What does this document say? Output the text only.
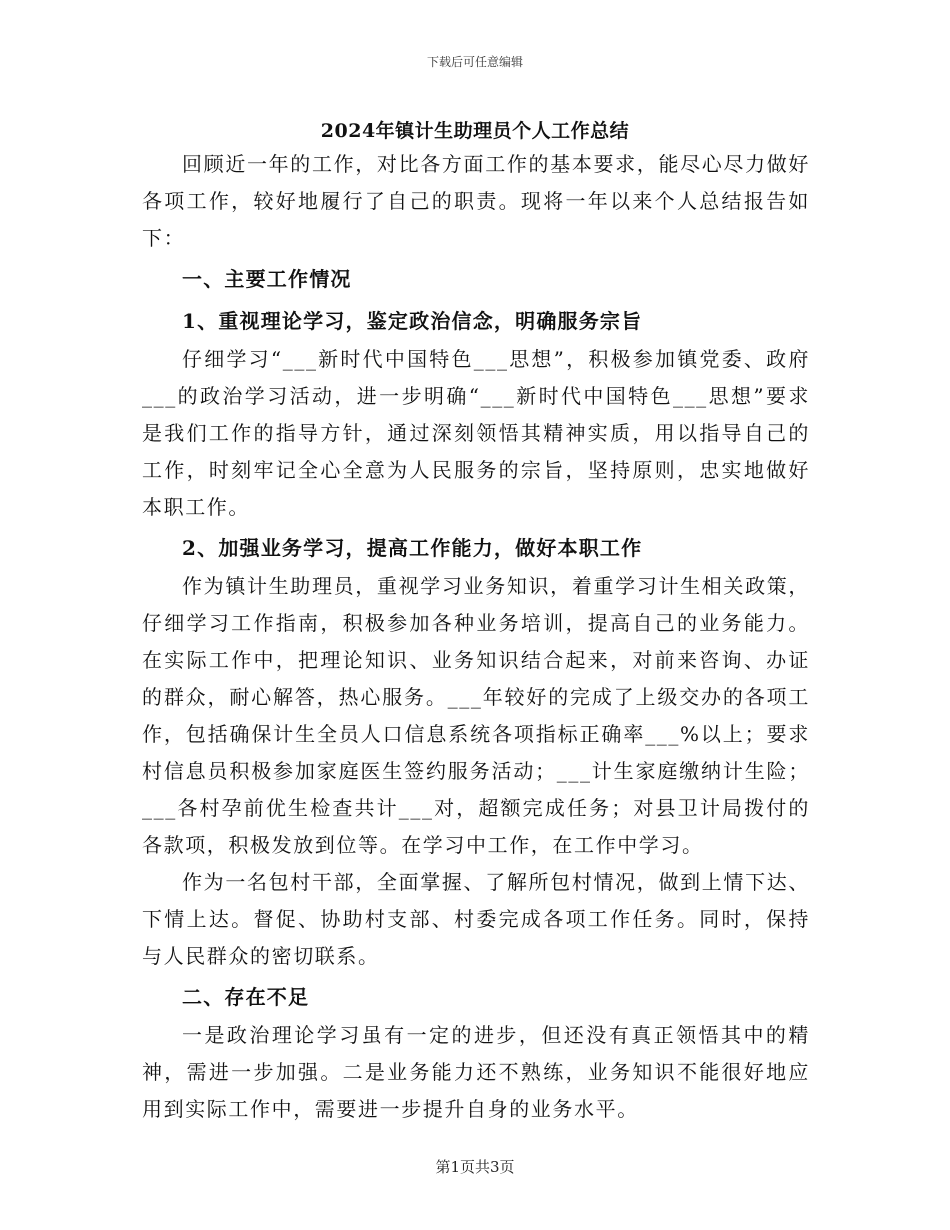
下载后可任意编辑
2024年镇计生助理员个人工作总结

回顾近一年的工作，对比各方面工作的基本要求，能尽心尽力做好各项工作，较好地履行了自己的职责。现将一年以来个人总结报告如下：

一、主要工作情况
1、重视理论学习，鉴定政治信念，明确服务宗旨

仔细学习“___新时代中国特色___思想”，积极参加镇党委、政府___的政治学习活动，进一步明确“___新时代中国特色___思想”要求是我们工作的指导方针，通过深刻领悟其精神实质，用以指导自己的工作，时刻牢记全心全意为人民服务的宗旨，坚持原则，忠实地做好本职工作。

2、加强业务学习，提高工作能力，做好本职工作

作为镇计生助理员，重视学习业务知识，着重学习计生相关政策，仔细学习工作指南，积极参加各种业务培训，提高自己的业务能力。在实际工作中，把理论知识、业务知识结合起来，对前来咨询、办证的群众，耐心解答，热心服务。___年较好的完成了上级交办的各项工作，包括确保计生全员人口信息系统各项指标正确率___%以上；要求村信息员积极参加家庭医生签约服务活动；___计生家庭缴纳计生险；___各村孕前优生检查共计___对，超额完成任务；对县卫计局拨付的各款项，积极发放到位等。在学习中工作，在工作中学习。

作为一名包村干部，全面掌握、了解所包村情况，做到上情下达、下情上达。督促、协助村支部、村委完成各项工作任务。同时，保持与人民群众的密切联系。

二、存在不足

一是政治理论学习虽有一定的进步，但还没有真正领悟其中的精神，需进一步加强。二是业务能力还不熟练，业务知识不能很好地应用到实际工作中，需要进一步提升自身的业务水平。

第1页共3页
